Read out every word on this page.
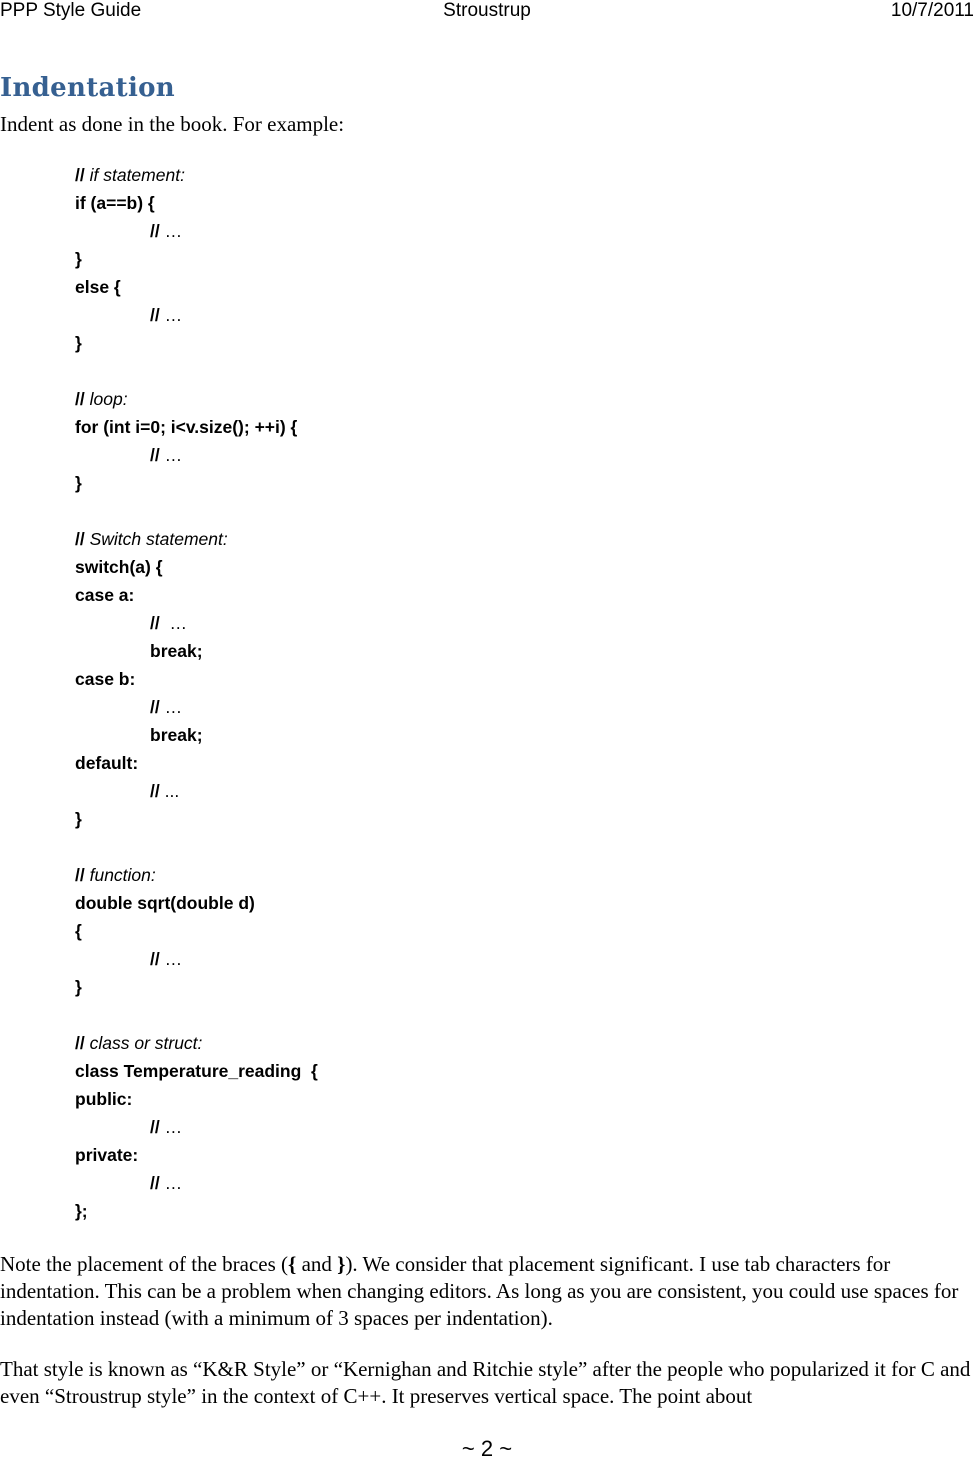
PPP Style Guide	Stroustrup	10/7/2011
Indentation

Indent as done in the book. For example:

// if statement:
if (a==b) {
// …
}
else {
// …
}
// loop:
for (int i=0; i<v.size(); ++i) {
// …
}
// Switch statement:
switch(a) {
case a:
// …
break;
case b:
// …
break;
default:
// ...
}
// function:
double sqrt(double d)
{
// …
}
// class or struct:
class Temperature_reading  {
public:
// …
private:
// …
};

Note the placement of the braces ({ and }). We consider that placement significant. I use tab characters for indentation. This can be a problem when changing editors. As long as you are consistent, you could use spaces for indentation instead (with a minimum of 3 spaces per indentation).

That style is known as “K&R Style” or “Kernighan and Ritchie style” after the people who popularized it for C and even “Stroustrup style” in the context of C++. It preserves vertical space. The point about

~ 2 ~
